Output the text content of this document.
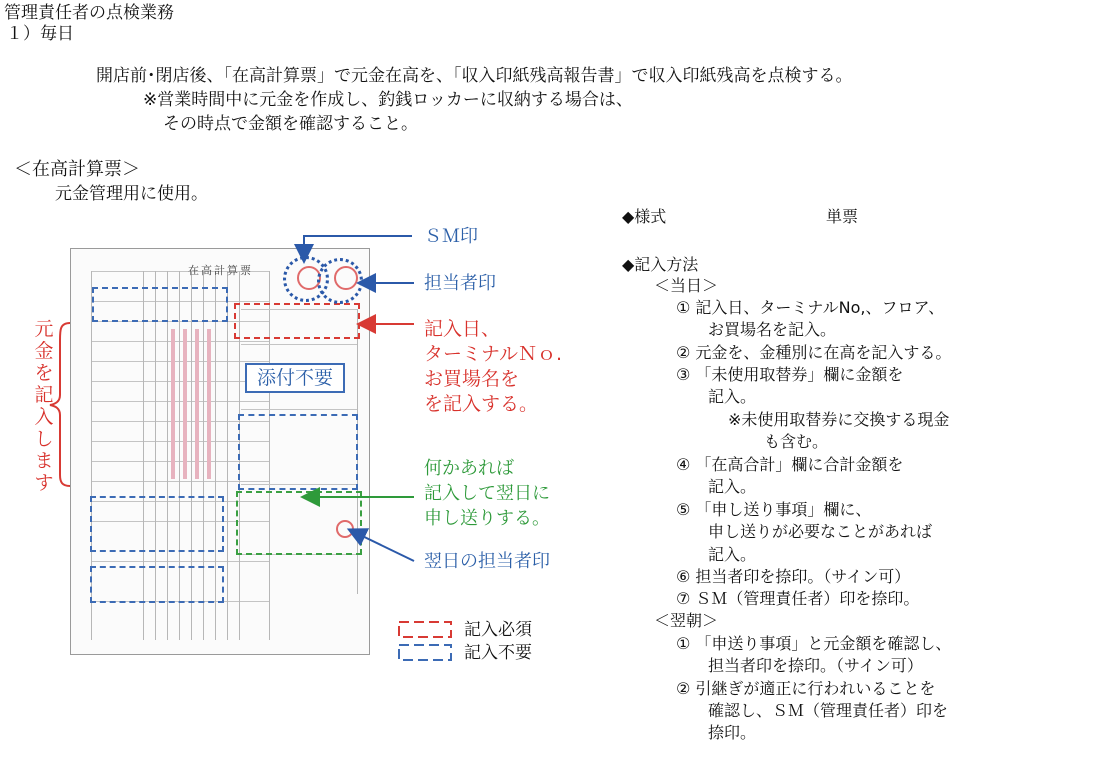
管理責任者の点検業務
１）毎日
開店前･閉店後、「在高計算票」で元金在高を、「収入印紙残高報告書」で収入印紙残高を点検する。
※営業時間中に元金を作成し、釣銭ロッカーに収納する場合は、
その時点で金額を確認すること。
＜在高計算票＞
元金管理用に使用。
在高計算票
添付不要
元
金
を
記
入
し
ま
す
ＳＭ印
担当者印
記入日、
ターミナルＮｏ.
お買場名を
を記入する。
何かあれば
記入して翌日に
申し送りする。
翌日の担当者印
記入必須
記入不要
◆様式	単票
◆記入方法
＜当日＞
① 記入日、ターミナルNo,、フロア、
お買場名を記入。
② 元金を、金種別に在高を記入する。
③ 「未使用取替券」欄に金額を
記入。
※未使用取替券に交換する現金
も含む。
④ 「在高合計」欄に合計金額を
記入。
⑤ 「申し送り事項」欄に、
申し送りが必要なことがあれば
記入。
⑥ 担当者印を捺印。（サイン可）
⑦ ＳＭ（管理責任者）印を捺印。
＜翌朝＞
① 「申送り事項」と元金額を確認し、
担当者印を捺印。（サイン可）
② 引継ぎが適正に行われいることを
確認し、ＳＭ（管理責任者）印を
捺印。
